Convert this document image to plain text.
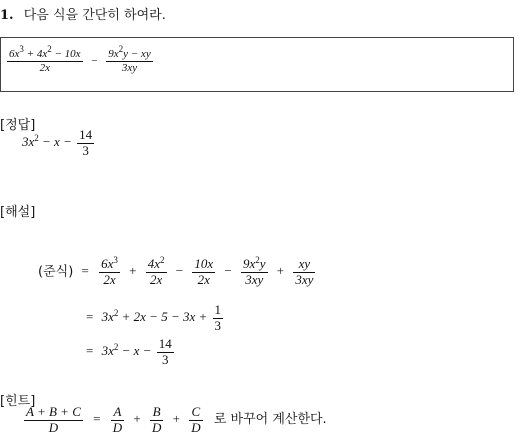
1. 다음 식을 간단히 하여라.
$\frac{6x^3 + 4x^2 - 10x}{2x} - \frac{9x^2y - xy}{3xy}$
[정답]
$3x^2 - x - \frac{14}{3}$
[해설]
(준식) = $\frac{6x^3}{2x} + \frac{4x^2}{2x} - \frac{10x}{2x} - \frac{9x^2y}{3xy} + \frac{xy}{3xy}$
= $3x^2 + 2x - 5 - 3x + \frac{1}{3}$
= $3x^2 - x - \frac{14}{3}$
[힌트]
$\frac{A + B + C}{D} = \frac{A}{D} + \frac{B}{D} + \frac{C}{D}$ 로 바꾸어 계산한다.
